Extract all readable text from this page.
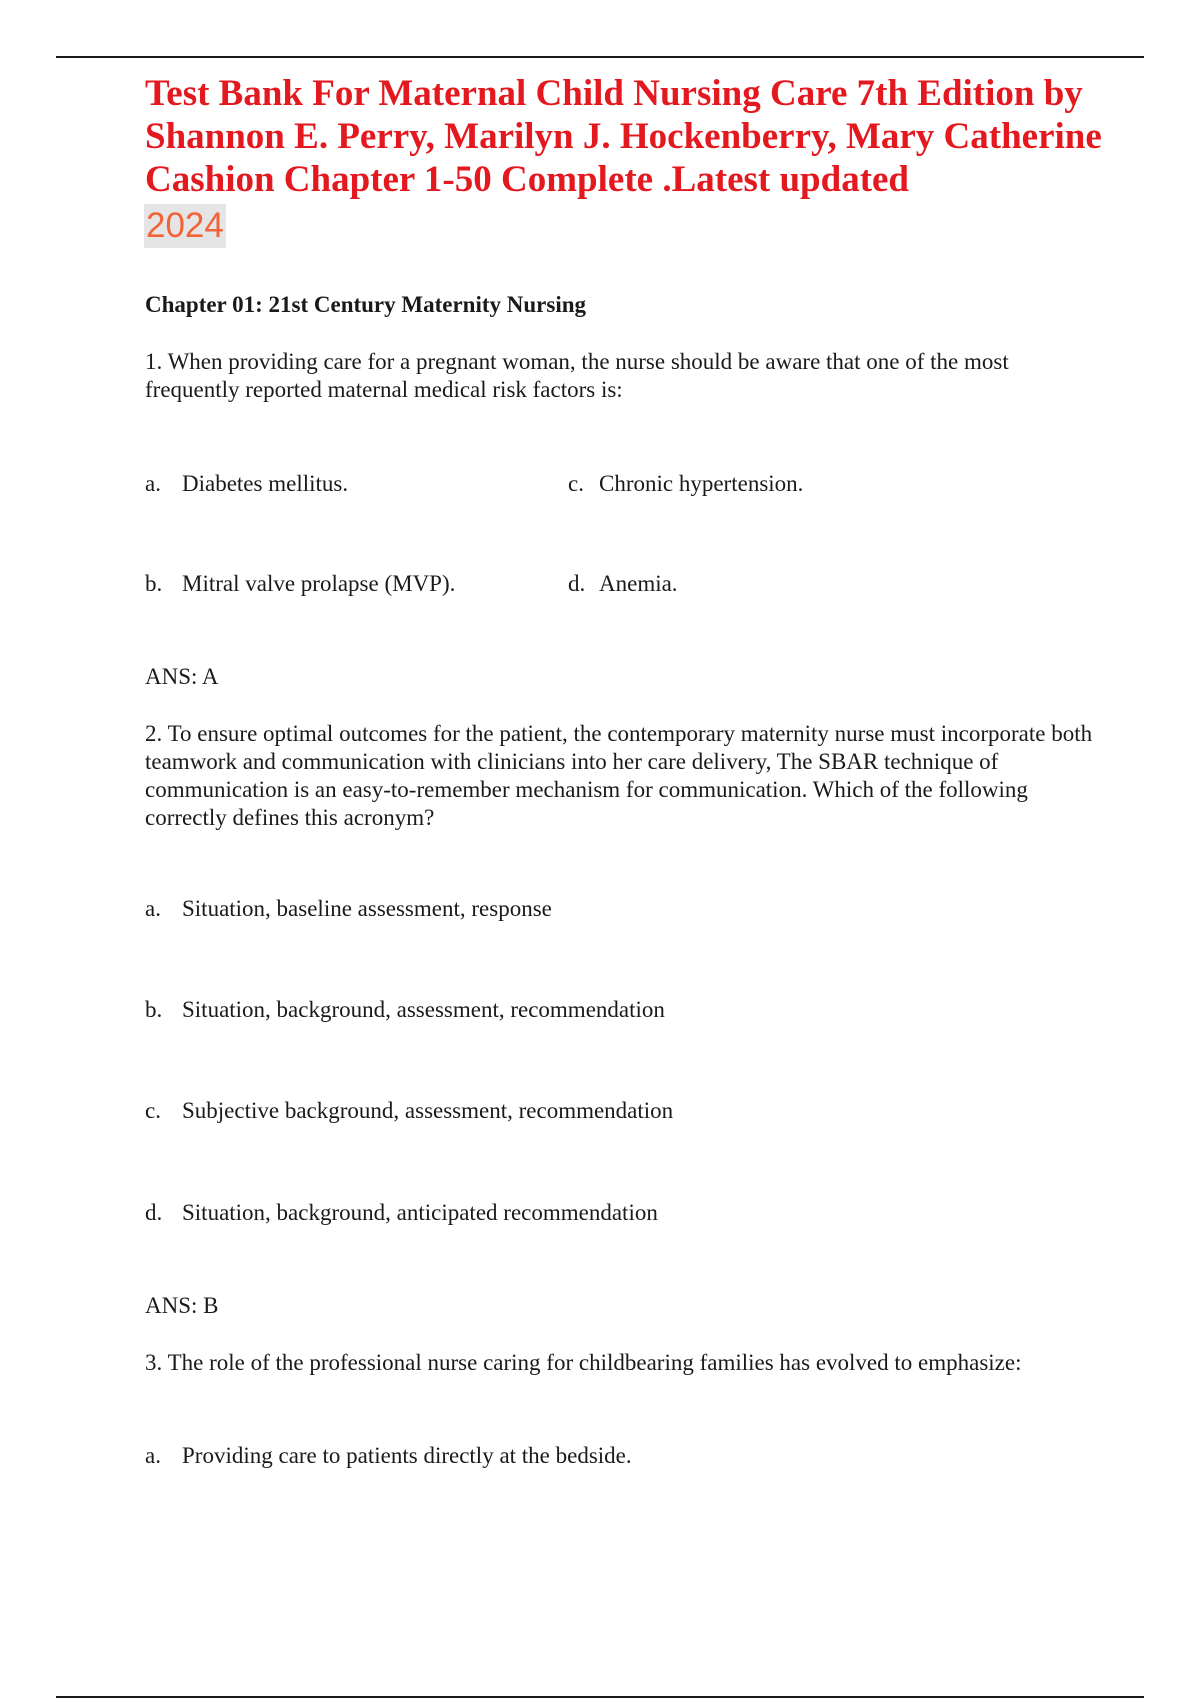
Test Bank For Maternal Child Nursing Care 7th Edition by Shannon E. Perry, Marilyn J. Hockenberry, Mary Catherine Cashion Chapter 1-50 Complete .Latest updated
2024

Chapter 01: 21st Century Maternity Nursing

1. When providing care for a pregnant woman, the nurse should be aware that one of the most frequently reported maternal medical risk factors is:

a. Diabetes mellitus.	c. Chronic hypertension.
b. Mitral valve prolapse (MVP).	d. Anemia.

ANS: A

2. To ensure optimal outcomes for the patient, the contemporary maternity nurse must incorporate both teamwork and communication with clinicians into her care delivery, The SBAR technique of communication is an easy-to-remember mechanism for communication. Which of the following correctly defines this acronym?

a. Situation, baseline assessment, response
b. Situation, background, assessment, recommendation
c. Subjective background, assessment, recommendation
d. Situation, background, anticipated recommendation

ANS: B

3. The role of the professional nurse caring for childbearing families has evolved to emphasize:

a. Providing care to patients directly at the bedside.
